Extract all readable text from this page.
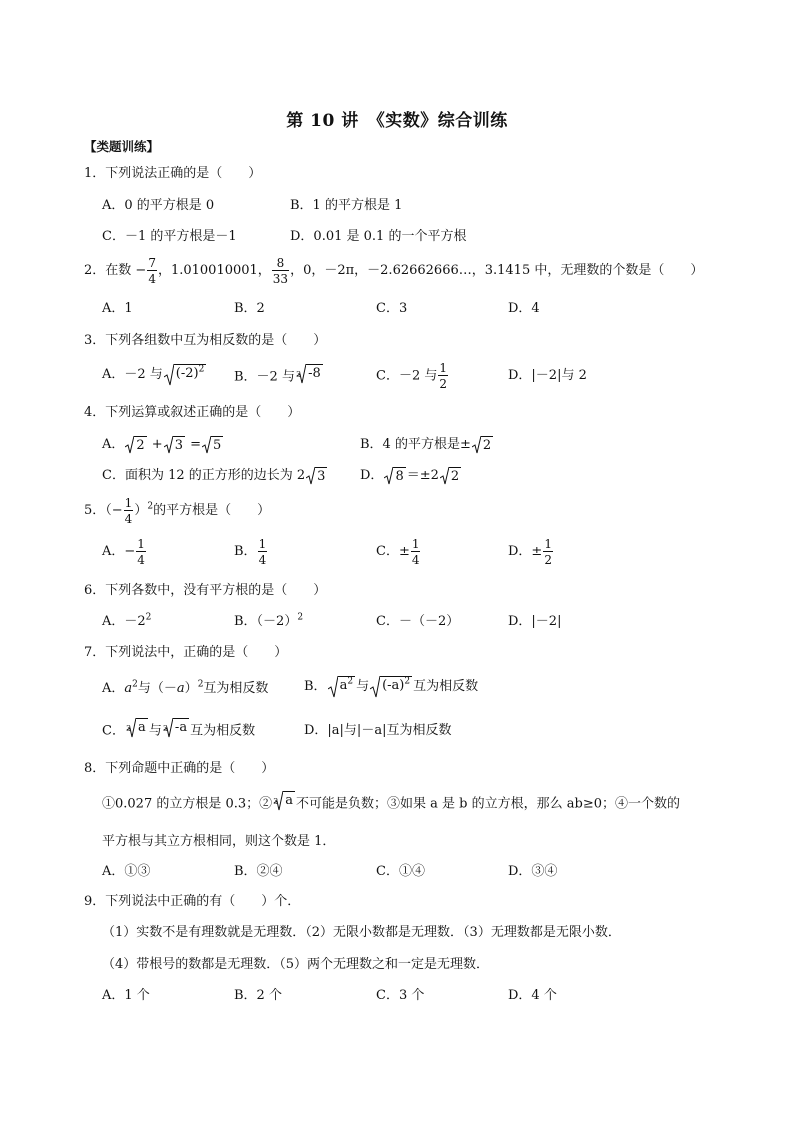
第 10 讲　《实数》综合训练
【类题训练】
1．下列说法正确的是（　　）
A．0 的平方根是 0	B．1 的平方根是 1
C．－1 的平方根是－1	D．0.01 是 0.1 的一个平方根
2．在数 − $\frac{7}{4}$ ，1.010010001， $\frac{8}{33}$ ，0，－2π，－2.62662666…，3.1415 中，无理数的个数是（　　）
A．1	B．2	C．3	D．4
3．下列各组数中互为相反数的是（　　）
A．－2 与 $(-2)^2$
B．－2 与 3 -8	C．－2 与 $\frac{1}{2}$	D．|－2|与 2
4．下列运算或叙述正确的是（　　）
A． 2 + 3 = 5	B．4 的平方根是± 2
C．面积为 12 的正方形的边长为 2 3	D． 8 ＝±2 2
5．（− $\frac{1}{4} )^2$的平方根是（　　）
A．− $\frac{1}{4}$	B． $\frac{1}{4}$	C．± $\frac{1}{4}$	D．± $\frac{1}{2}$
6．下列各数中，没有平方根的是（　　）
A．$-2^2$	B．$(-2)^2$	C．－（－2）	D．|－2|
7．下列说法中，正确的是（　　）
A．$a^2$与$(-a)^2$互为相反数	B． $a^2$ 与 $(-a)^2$ 互为相反数
C． 3 a 与 3 -a 互为相反数	D．|a|与|－a|互为相反数
8．下列命题中正确的是（　　）
①0.027 的立方根是 0.3；② 3 a 不可能是负数；③如果 a 是 b 的立方根，那么 ab≥0；④一个数的
平方根与其立方根相同，则这个数是 1．
A．①③	B．②④	C．①④	D．③④
9．下列说法中正确的有（　　）个．
（1）实数不是有理数就是无理数．（2）无限小数都是无理数．（3）无理数都是无限小数．
（4）带根号的数都是无理数．（5）两个无理数之和一定是无理数．
A．1 个	B．2 个	C．3 个	D．4 个
